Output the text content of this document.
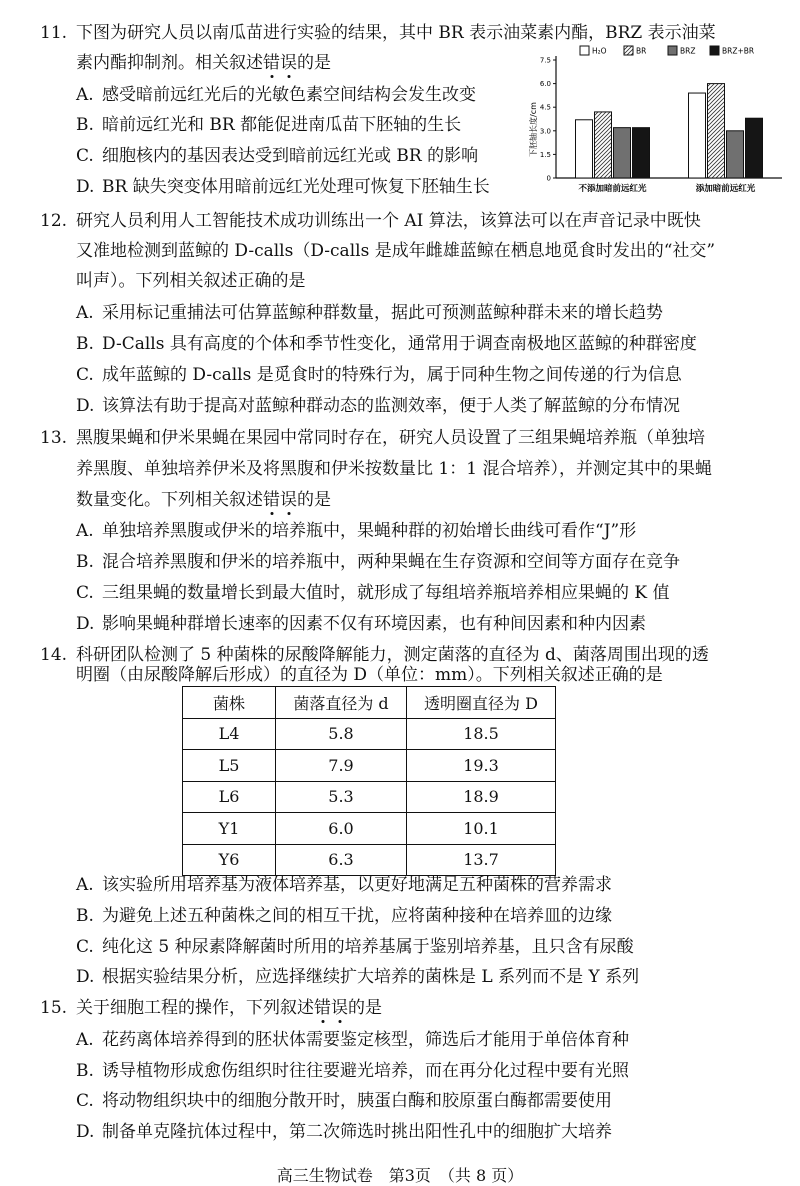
11. 下图为研究人员以南瓜苗进行实验的结果，其中 BR 表示油菜素内酯，BRZ 表示油菜
素内酯抑制剂。相关叙述错误的是
A. 感受暗前远红光后的光敏色素空间结构会发生改变
B. 暗前远红光和 BR 都能促进南瓜苗下胚轴的生长
C. 细胞核内的基因表达受到暗前远红光或 BR 的影响
D. BR 缺失突变体用暗前远红光处理可恢复下胚轴生长
H₂O	BR	BRZ	BRZ+BR
7.5
6.0
4.5
3.0
1.5
0
不添加暗前远红光	添加暗前远红光
下胚轴长度/cm
12. 研究人员利用人工智能技术成功训练出一个 AI 算法，该算法可以在声音记录中既快
又准地检测到蓝鲸的 D-calls（D-calls 是成年雌雄蓝鲸在栖息地觅食时发出的“社交”
叫声）。下列相关叙述正确的是
A. 采用标记重捕法可估算蓝鲸种群数量，据此可预测蓝鲸种群未来的增长趋势
B. D-Calls 具有高度的个体和季节性变化，通常用于调查南极地区蓝鲸的种群密度
C. 成年蓝鲸的 D-calls 是觅食时的特殊行为，属于同种生物之间传递的行为信息
D. 该算法有助于提高对蓝鲸种群动态的监测效率，便于人类了解蓝鲸的分布情况
13. 黑腹果蝇和伊米果蝇在果园中常同时存在，研究人员设置了三组果蝇培养瓶（单独培
养黑腹、单独培养伊米及将黑腹和伊米按数量比 1：1 混合培养），并测定其中的果蝇
数量变化。下列相关叙述错误的是
A. 单独培养黑腹或伊米的培养瓶中，果蝇种群的初始增长曲线可看作“J”形
B. 混合培养黑腹和伊米的培养瓶中，两种果蝇在生存资源和空间等方面存在竞争
C. 三组果蝇的数量增长到最大值时，就形成了每组培养瓶培养相应果蝇的 K 值
D. 影响果蝇种群增长速率的因素不仅有环境因素，也有种间因素和种内因素
14. 科研团队检测了 5 种菌株的尿酸降解能力，测定菌落的直径为 d、菌落周围出现的透
明圈（由尿酸降解后形成）的直径为 D（单位：mm）。下列相关叙述正确的是
菌株	菌落直径为 d	透明圈直径为 D
L4	5.8	18.5
L5	7.9	19.3
L6	5.3	18.9
Y1	6.0	10.1
Y6	6.3	13.7
A. 该实验所用培养基为液体培养基，以更好地满足五种菌株的营养需求
B. 为避免上述五种菌株之间的相互干扰，应将菌种接种在培养皿的边缘
C. 纯化这 5 种尿素降解菌时所用的培养基属于鉴别培养基，且只含有尿酸
D. 根据实验结果分析，应选择继续扩大培养的菌株是 L 系列而不是 Y 系列
15. 关于细胞工程的操作，下列叙述错误的是
A. 花药离体培养得到的胚状体需要鉴定核型，筛选后才能用于单倍体育种
B. 诱导植物形成愈伤组织时往往要避光培养，而在再分化过程中要有光照
C. 将动物组织块中的细胞分散开时，胰蛋白酶和胶原蛋白酶都需要使用
D. 制备单克隆抗体过程中，第二次筛选时挑出阳性孔中的细胞扩大培养
高三生物试卷　第3页　（共 8 页）
